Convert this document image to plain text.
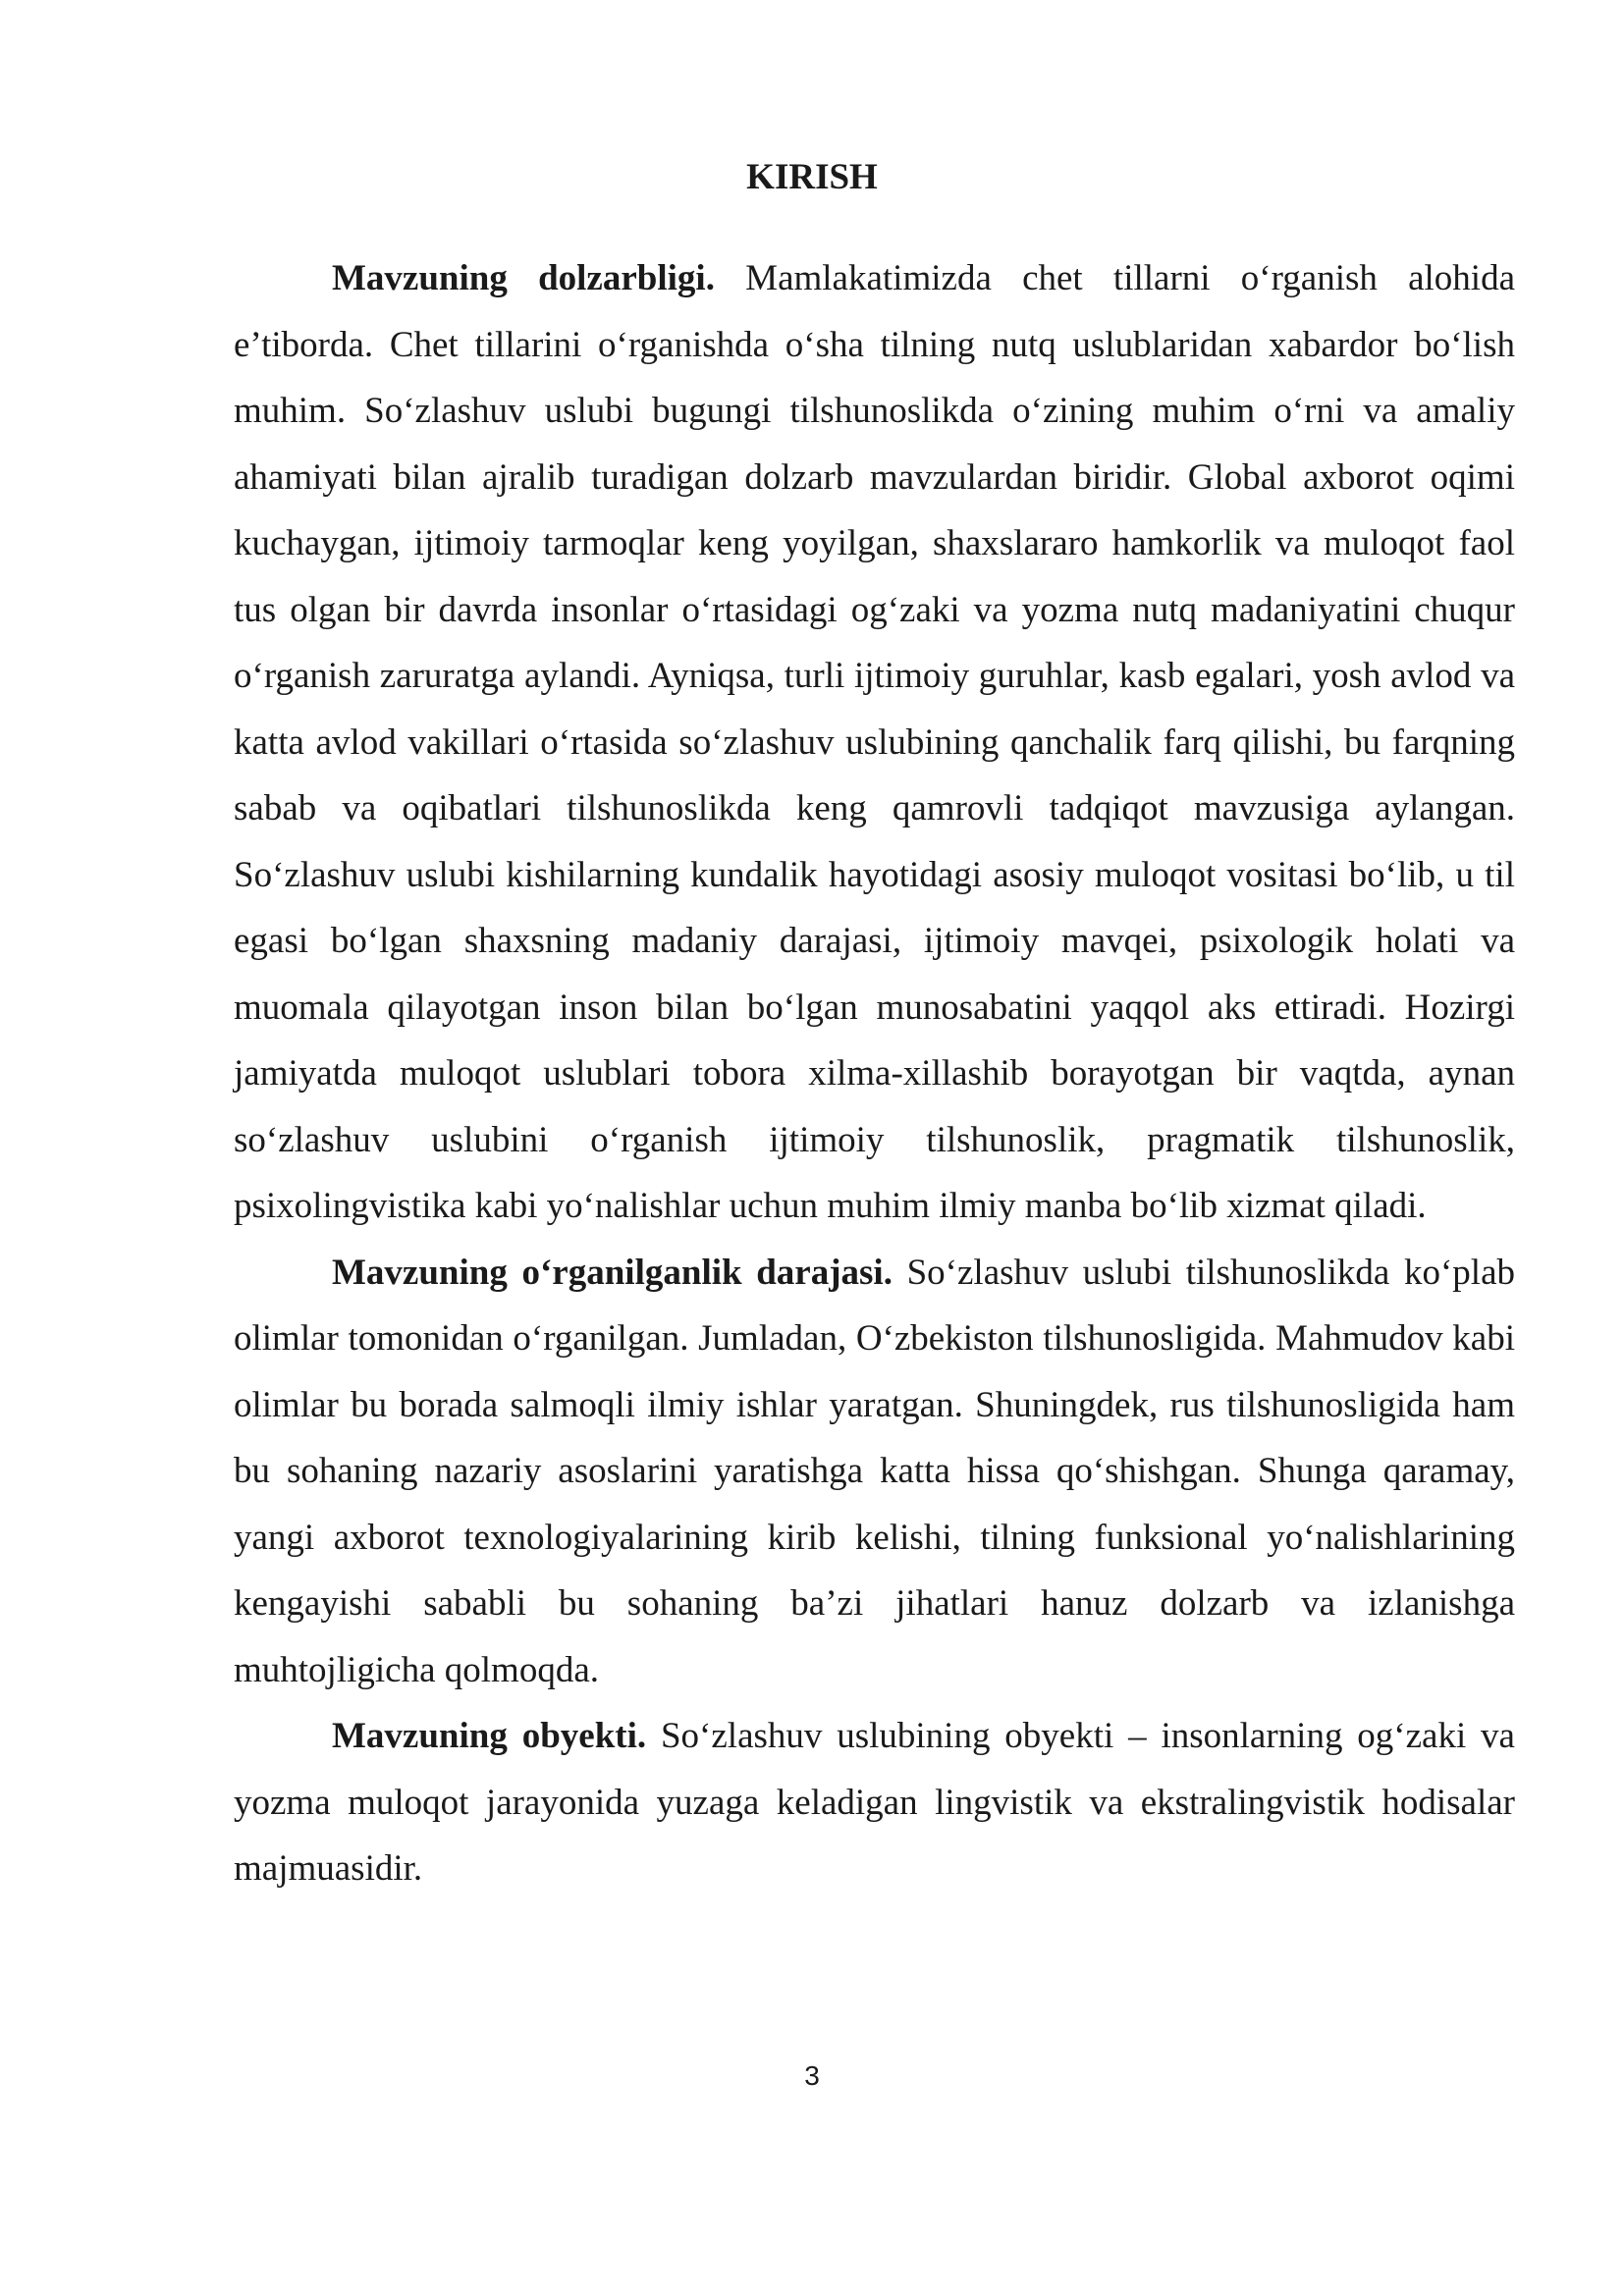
KIRISH

Mavzuning dolzarbligi. Mamlakatimizda chet tillarni o‘rganish alohida e’tiborda. Chet tillarini o‘rganishda o‘sha tilning nutq uslublaridan xabardor bo‘lish muhim. So‘zlashuv uslubi bugungi tilshunoslikda o‘zining muhim o‘rni va amaliy ahamiyati bilan ajralib turadigan dolzarb mavzulardan biridir. Global axborot oqimi kuchaygan, ijtimoiy tarmoqlar keng yoyilgan, shaxslararo hamkorlik va muloqot faol tus olgan bir davrda insonlar o‘rtasidagi og‘zaki va yozma nutq madaniyatini chuqur o‘rganish zaruratga aylandi. Ayniqsa, turli ijtimoiy guruhlar, kasb egalari, yosh avlod va katta avlod vakillari o‘rtasida so‘zlashuv uslubining qanchalik farq qilishi, bu farqning sabab va oqibatlari tilshunoslikda keng qamrovli tadqiqot mavzusiga aylangan. So‘zlashuv uslubi kishilarning kundalik hayotidagi asosiy muloqot vositasi bo‘lib, u til egasi bo‘lgan shaxsning madaniy darajasi, ijtimoiy mavqei, psixologik holati va muomala qilayotgan inson bilan bo‘lgan munosabatini yaqqol aks ettiradi. Hozirgi jamiyatda muloqot uslublari tobora xilma-xillashib borayotgan bir vaqtda, aynan so‘zlashuv uslubini o‘rganish ijtimoiy tilshunoslik, pragmatik tilshunoslik, psixolingvistika kabi yo‘nalishlar uchun muhim ilmiy manba bo‘lib xizmat qiladi.

Mavzuning o‘rganilganlik darajasi. So‘zlashuv uslubi tilshunoslikda ko‘plab olimlar tomonidan o‘rganilgan. Jumladan, O‘zbekiston tilshunosligida. Mahmudov kabi olimlar bu borada salmoqli ilmiy ishlar yaratgan. Shuningdek, rus tilshunosligida ham bu sohaning nazariy asoslarini yaratishga katta hissa qo‘shishgan. Shunga qaramay, yangi axborot texnologiyalarining kirib kelishi, tilning funksional yo‘nalishlarining kengayishi sababli bu sohaning ba’zi jihatlari hanuz dolzarb va izlanishga muhtojligicha qolmoqda.

Mavzuning obyekti. So‘zlashuv uslubining obyekti – insonlarning og‘zaki va yozma muloqot jarayonida yuzaga keladigan lingvistik va ekstralingvistik hodisalar majmuasidir.

3
